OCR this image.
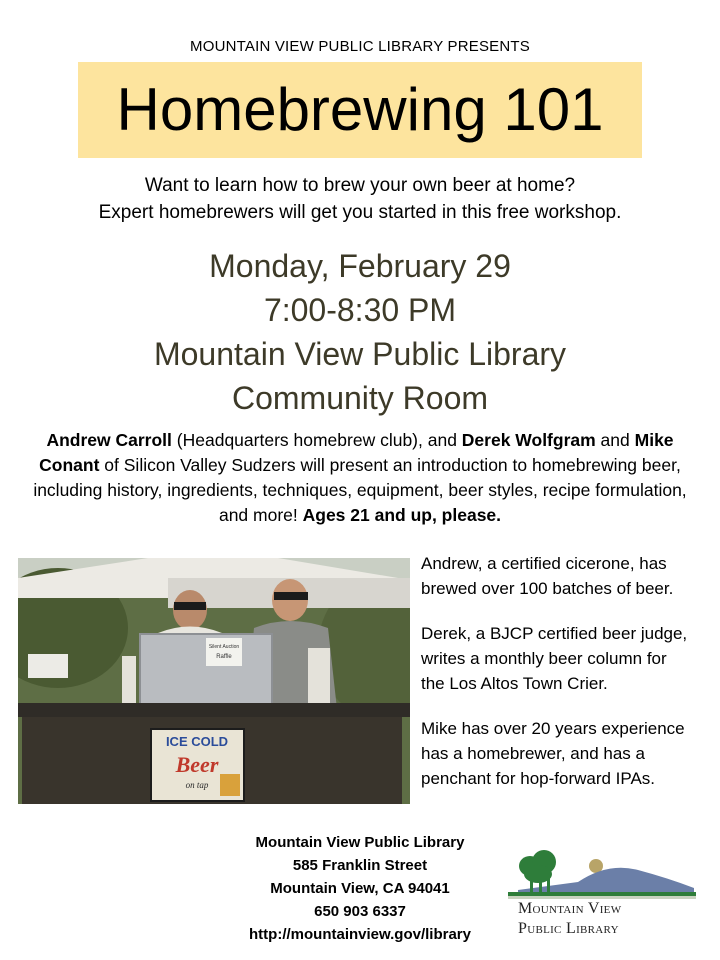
MOUNTAIN VIEW PUBLIC LIBRARY PRESENTS
Homebrewing 101
Want to learn how to brew your own beer at home?
Expert homebrewers will get you started in this free workshop.
Monday, February 29
7:00-8:30 PM
Mountain View Public Library
Community Room
Andrew Carroll (Headquarters homebrew club), and Derek Wolfgram and Mike Conant of Silicon Valley Sudzers will present an introduction to homebrewing beer, including history, ingredients, techniques, equipment, beer styles, recipe formulation, and more! Ages 21 and up, please.
Silent Auction
Raffle
ICE COLD
Beer
on tap

Andrew, a certified cicerone, has
brewed over 100 batches of beer.

Derek, a BJCP certified beer judge,
writes a monthly beer column for
the Los Altos Town Crier.

Mike has over 20 years experience
has a homebrewer, and has a
penchant for hop-forward IPAs.

Mountain View Public Library
585 Franklin Street
Mountain View, CA 94041
650 903 6337
http://mountainview.gov/library
Mountain View
Public Library
